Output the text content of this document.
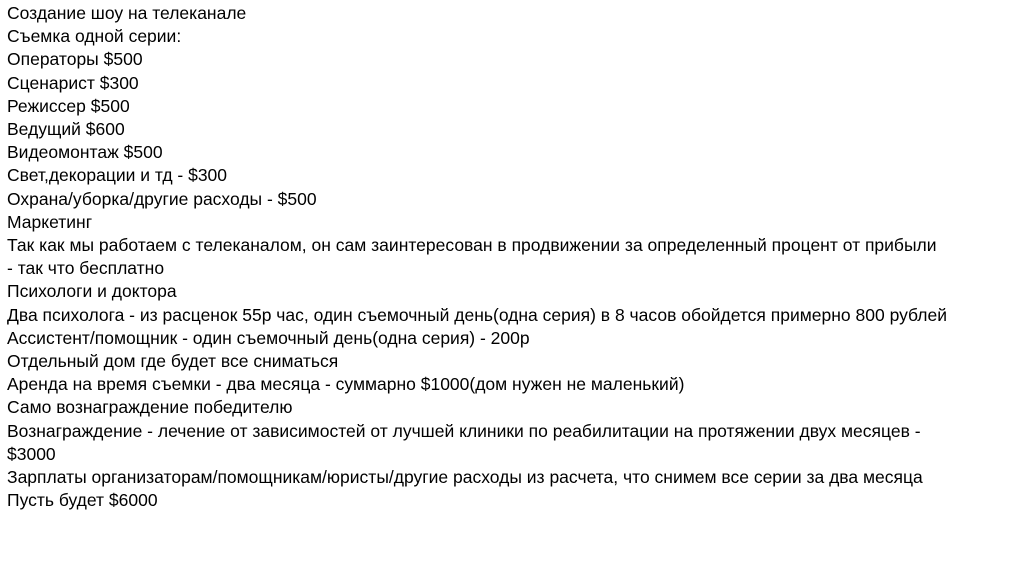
Создание шоу на телеканале

Съемка одной серии:

Операторы $500

Сценарист $300

Режиссер $500

Ведущий $600

Видеомонтаж $500

Свет,декорации и тд - $300

Охрана/уборка/другие расходы - $500

Маркетинг

Так как мы работаем с телеканалом, он сам заинтересован в продвижении за определенный процент от прибыли - так что бесплатно

Психологи и доктора

Два психолога - из расценок 55р час, один съемочный день(одна серия) в 8 часов обойдется примерно 800 рублей

Ассистент/помощник - один съемочный день(одна серия) - 200р

Отдельный дом где будет все сниматься

Аренда на время съемки - два месяца - суммарно $1000(дом нужен не маленький)

Само вознаграждение победителю

Вознаграждение - лечение от зависимостей от лучшей клиники по реабилитации на протяжении двух месяцев - $3000

Зарплаты организаторам/помощникам/юристы/другие расходы из расчета, что снимем все серии за два месяца

Пусть будет $6000
